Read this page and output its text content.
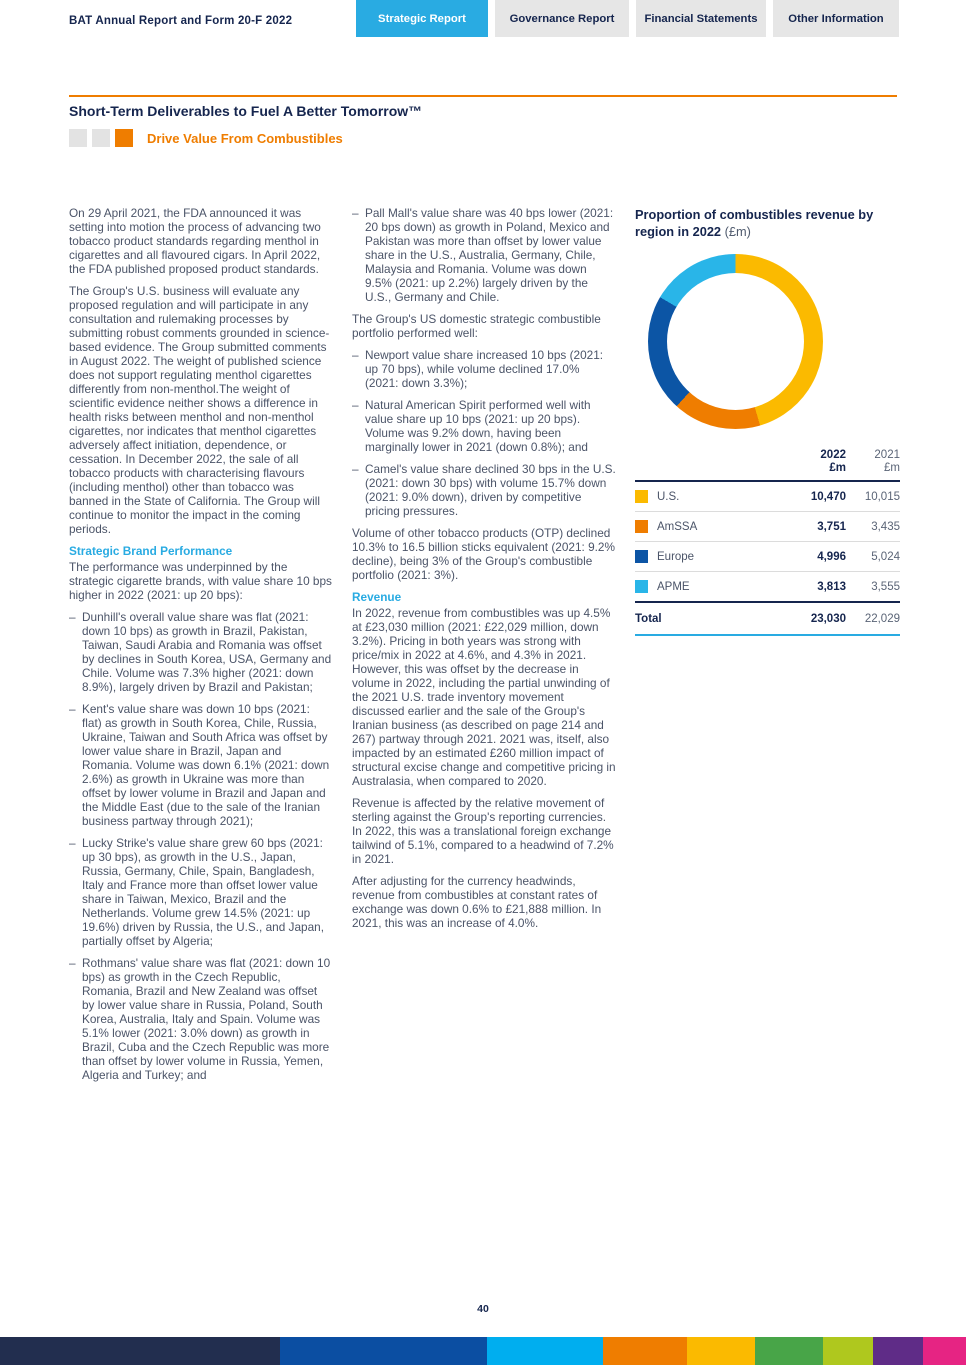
BAT Annual Report and Form 20-F 2022	Strategic Report	Governance Report	Financial Statements	Other Information
Short-Term Deliverables to Fuel A Better Tomorrow™
Drive Value From Combustibles
On 29 April 2021, the FDA announced it was setting into motion the process of advancing two tobacco product standards regarding menthol in cigarettes and all flavoured cigars. In April 2022, the FDA published proposed product standards.
The Group's U.S. business will evaluate any proposed regulation and will participate in any consultation and rulemaking processes by submitting robust comments grounded in science-based evidence. The Group submitted comments in August 2022. The weight of published science does not support regulating menthol cigarettes differently from non-menthol.The weight of scientific evidence neither shows a difference in health risks between menthol and non-menthol cigarettes, nor indicates that menthol cigarettes adversely affect initiation, dependence, or cessation. In December 2022, the sale of all tobacco products with characterising flavours (including menthol) other than tobacco was banned in the State of California. The Group will continue to monitor the impact in the coming periods.
Strategic Brand Performance
The performance was underpinned by the strategic cigarette brands, with value share 10 bps higher in 2022 (2021: up 20 bps):
– Dunhill's overall value share was flat (2021: down 10 bps) as growth in Brazil, Pakistan, Taiwan, Saudi Arabia and Romania was offset by declines in South Korea, USA, Germany and Chile. Volume was 7.3% higher (2021: down 8.9%), largely driven by Brazil and Pakistan;
– Kent's value share was down 10 bps (2021: flat) as growth in South Korea, Chile, Russia, Ukraine, Taiwan and South Africa was offset by lower value share in Brazil, Japan and Romania. Volume was down 6.1% (2021: down 2.6%) as growth in Ukraine was more than offset by lower volume in Brazil and Japan and the Middle East (due to the sale of the Iranian business partway through 2021);
– Lucky Strike's value share grew 60 bps (2021: up 30 bps), as growth in the U.S., Japan, Russia, Germany, Chile, Spain, Bangladesh, Italy and France more than offset lower value share in Taiwan, Mexico, Brazil and the Netherlands. Volume grew 14.5% (2021: up 19.6%) driven by Russia, the U.S., and Japan, partially offset by Algeria;
– Rothmans' value share was flat (2021: down 10 bps) as growth in the Czech Republic, Romania, Brazil and New Zealand was offset by lower value share in Russia, Poland, South Korea, Australia, Italy and Spain. Volume was 5.1% lower (2021: 3.0% down) as growth in Brazil, Cuba and the Czech Republic was more than offset by lower volume in Russia, Yemen, Algeria and Turkey; and
– Pall Mall's value share was 40 bps lower (2021: 20 bps down) as growth in Poland, Mexico and Pakistan was more than offset by lower value share in the U.S., Australia, Germany, Chile, Malaysia and Romania. Volume was down 9.5% (2021: up 2.2%) largely driven by the U.S., Germany and Chile.
The Group's US domestic strategic combustible portfolio performed well:
– Newport value share increased 10 bps (2021: up 70 bps), while volume declined 17.0% (2021: down 3.3%);
– Natural American Spirit performed well with value share up 10 bps (2021: up 20 bps). Volume was 9.2% down, having been marginally lower in 2021 (down 0.8%); and
– Camel's value share declined 30 bps in the U.S. (2021: down 30 bps) with volume 15.7% down (2021: 9.0% down), driven by competitive pricing pressures.
Volume of other tobacco products (OTP) declined 10.3% to 16.5 billion sticks equivalent (2021: 9.2% decline), being 3% of the Group's combustible portfolio (2021: 3%).
Revenue
In 2022, revenue from combustibles was up 4.5% at £23,030 million (2021: £22,029 million, down 3.2%). Pricing in both years was strong with price/mix in 2022 at 4.6%, and 4.3% in 2021. However, this was offset by the decrease in volume in 2022, including the partial unwinding of the 2021 U.S. trade inventory movement discussed earlier and the sale of the Group's Iranian business (as described on page 214 and 267) partway through 2021. 2021 was, itself, also impacted by an estimated £260 million impact of structural excise change and competitive pricing in Australasia, when compared to 2020.
Revenue is affected by the relative movement of sterling against the Group's reporting currencies. In 2022, this was a translational foreign exchange tailwind of 5.1%, compared to a headwind of 7.2% in 2021.
After adjusting for the currency headwinds, revenue from combustibles at constant rates of exchange was down 0.6% to £21,888 million. In 2021, this was an increase of 4.0%.
Proportion of combustibles revenue by region in 2022 (£m)
2022
£m
2021
£m
U.S.	10,470	10,015
AmSSA	3,751	3,435
Europe	4,996	5,024
APME	3,813	3,555
Total	23,030	22,029
40
